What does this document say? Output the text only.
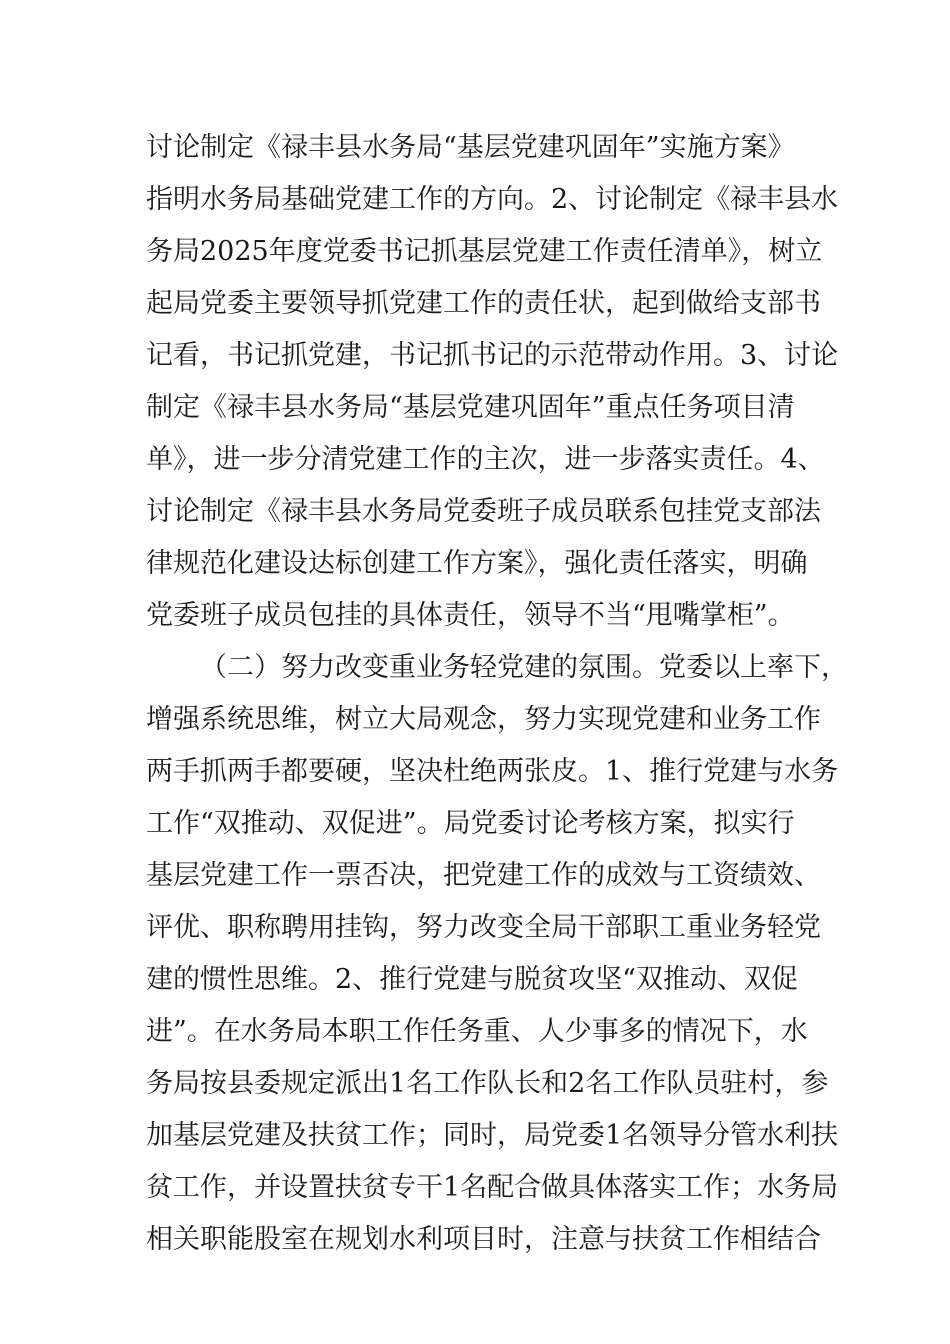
讨论制定《禄丰县水务局“基层党建巩固年”实施方案》
指明水务局基础党建工作的方向。2、讨论制定《禄丰县水
务局2025年度党委书记抓基层党建工作责任清单》，树立
起局党委主要领导抓党建工作的责任状，起到做给支部书
记看，书记抓党建，书记抓书记的示范带动作用。3、讨论
制定《禄丰县水务局“基层党建巩固年”重点任务项目清
单》，进一步分清党建工作的主次，进一步落实责任。4、
讨论制定《禄丰县水务局党委班子成员联系包挂党支部法
律规范化建设达标创建工作方案》，强化责任落实，明确
党委班子成员包挂的具体责任，领导不当“甩嘴掌柜”。
（二）努力改变重业务轻党建的氛围。党委以上率下，
增强系统思维，树立大局观念，努力实现党建和业务工作
两手抓两手都要硬，坚决杜绝两张皮。1、推行党建与水务
工作“双推动、双促进”。局党委讨论考核方案，拟实行
基层党建工作一票否决，把党建工作的成效与工资绩效、
评优、职称聘用挂钩，努力改变全局干部职工重业务轻党
建的惯性思维。2、推行党建与脱贫攻坚“双推动、双促
进”。在水务局本职工作任务重、人少事多的情况下，水
务局按县委规定派出1名工作队长和2名工作队员驻村，参
加基层党建及扶贫工作；同时，局党委1名领导分管水利扶
贫工作，并设置扶贫专干1名配合做具体落实工作；水务局
相关职能股室在规划水利项目时，注意与扶贫工作相结合
